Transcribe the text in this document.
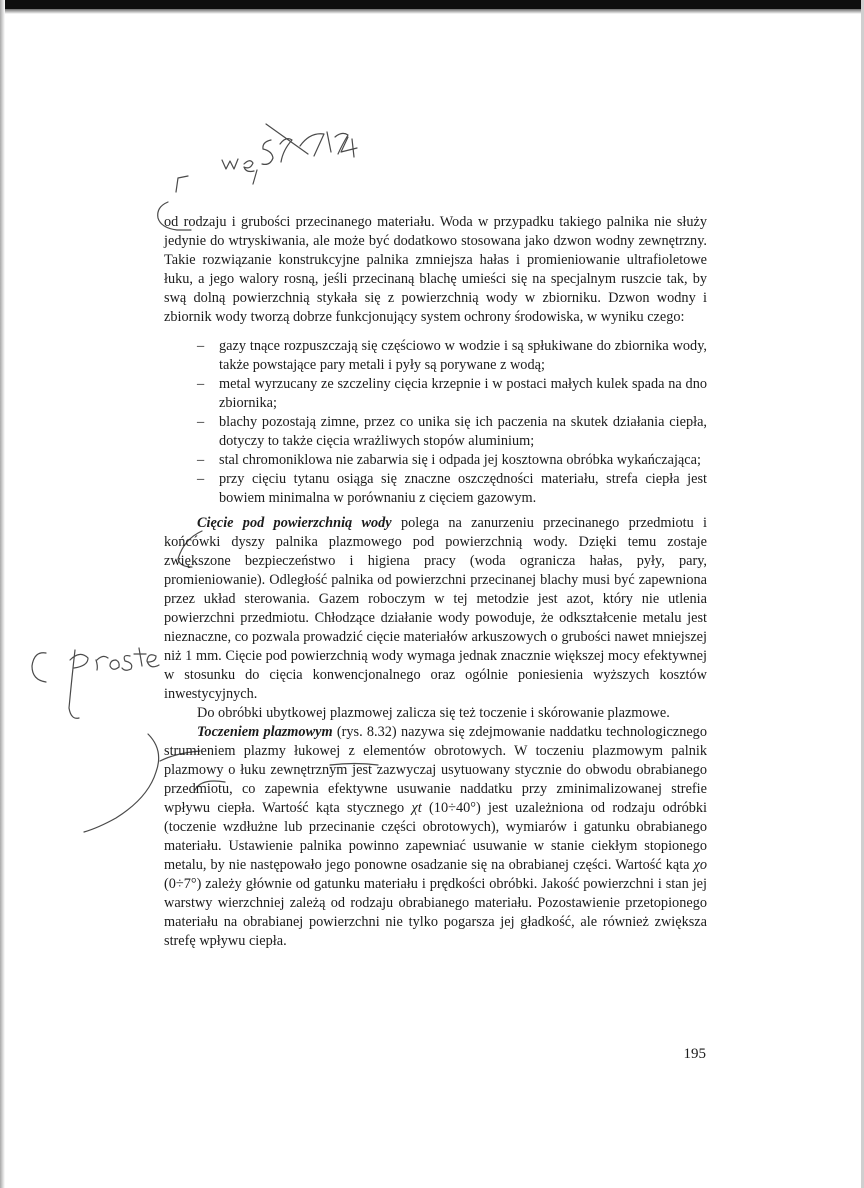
od rodzaju i grubości przecinanego materiału. Woda w przypadku takiego palnika nie służy jedynie do wtryskiwania, ale może być dodatkowo stosowana jako dzwon wodny zewnętrzny. Takie rozwiązanie konstrukcyjne palnika zmniejsza hałas i promieniowanie ultrafioletowe łuku, a jego walory rosną, jeśli przecinaną blachę umieści się na specjalnym ruszcie tak, by swą dolną powierzchnią stykała się z powierzchnią wody w zbiorniku. Dzwon wodny i zbiornik wody tworzą dobrze funkcjonujący system ochrony środowiska, w wyniku czego:

– gazy tnące rozpuszczają się częściowo w wodzie i są spłukiwane do zbiornika wody, także powstające pary metali i pyły są porywane z wodą;
– metal wyrzucany ze szczeliny cięcia krzepnie i w postaci małych kulek spada na dno zbiornika;
– blachy pozostają zimne, przez co unika się ich paczenia na skutek działania ciepła, dotyczy to także cięcia wrażliwych stopów aluminium;
– stal chromoniklowa nie zabarwia się i odpada jej kosztowna obróbka wykańczająca;
– przy cięciu tytanu osiąga się znaczne oszczędności materiału, strefa ciepła jest bowiem minimalna w porównaniu z cięciem gazowym.

Cięcie pod powierzchnią wody polega na zanurzeniu przecinanego przedmiotu i końcówki dyszy palnika plazmowego pod powierzchnią wody. Dzięki temu zostaje zwiększone bezpieczeństwo i higiena pracy (woda ogranicza hałas, pyły, pary, promieniowanie). Odległość palnika od powierzchni przecinanej blachy musi być zapewniona przez układ sterowania. Gazem roboczym w tej metodzie jest azot, który nie utlenia powierzchni przedmiotu. Chłodzące działanie wody powoduje, że odkształcenie metalu jest nieznaczne, co pozwala prowadzić cięcie materiałów arkuszowych o grubości nawet mniejszej niż 1 mm. Cięcie pod powierzchnią wody wymaga jednak znacznie większej mocy efektywnej w stosunku do cięcia konwencjonalnego oraz ogólnie poniesienia wyższych kosztów inwestycyjnych.

Do obróbki ubytkowej plazmowej zalicza się też toczenie i skórowanie plazmowe.

Toczeniem plazmowym (rys. 8.32) nazywa się zdejmowanie naddatku technologicznego strumieniem plazmy łukowej z elementów obrotowych. W toczeniu plazmowym palnik plazmowy o łuku zewnętrznym jest zazwyczaj usytuowany stycznie do obwodu obrabianego przedmiotu, co zapewnia efektywne usuwanie naddatku przy zminimalizowanej strefie wpływu ciepła. Wartość kąta stycznego χt (10÷40°) jest uzależniona od rodzaju odróbki (toczenie wzdłużne lub przecinanie części obrotowych), wymiarów i gatunku obrabianego materiału. Ustawienie palnika powinno zapewniać usuwanie w stanie ciekłym stopionego metalu, by nie następowało jego ponowne osadzanie się na obrabianej części. Wartość kąta χo (0÷7°) zależy głównie od gatunku materiału i prędkości obróbki. Jakość powierzchni i stan jej warstwy wierzchniej zależą od rodzaju obrabianego materiału. Pozostawienie przetopionego materiału na obrabianej powierzchni nie tylko pogarsza jej gładkość, ale również zwiększa strefę wpływu ciepła.

195
